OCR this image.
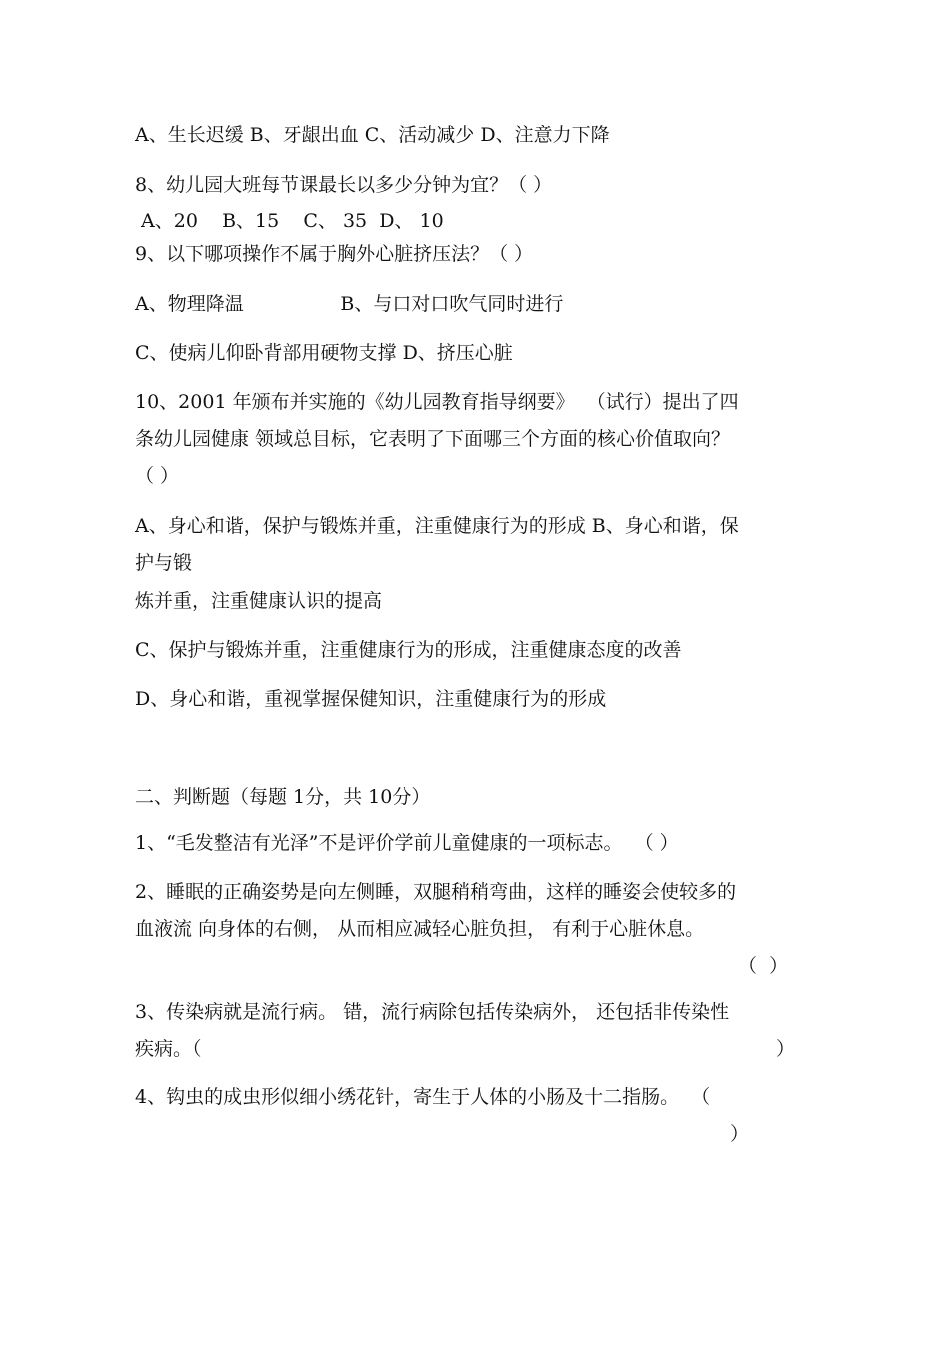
A、生长迟缓 B、牙龈出血 C、活动减少 D、注意力下降
8、幼儿园大班每节课最长以多少分钟为宜？（ ）
A、20    B、15    C、 35  D、 10
9、以下哪项操作不属于胸外心脏挤压法？（ ）
A、物理降温                B、与口对口吹气同时进行
C、使病儿仰卧背部用硬物支撑 D、挤压心脏
10、2001 年颁布并实施的《幼儿园教育指导纲要》  （试行）提出了四
条幼儿园健康 领域总目标，它表明了下面哪三个方面的核心价值取向？
（ ）
A、身心和谐，保护与锻炼并重，注重健康行为的形成 B、身心和谐，保
护与锻
炼并重，注重健康认识的提高
C、保护与锻炼并重，注重健康行为的形成，注重健康态度的改善
D、身心和谐，重视掌握保健知识，注重健康行为的形成
二、判断题（每题 1分，共 10分）
1、“毛发整洁有光泽”不是评价学前儿童健康的一项标志。  （ ）
2、睡眠的正确姿势是向左侧睡，双腿稍稍弯曲，这样的睡姿会使较多的
血液流 向身体的右侧， 从而相应减轻心脏负担， 有利于心脏休息。
（  ）
3、传染病就是流行病。 错，流行病除包括传染病外， 还包括非传染性
疾病。（	）
4、钩虫的成虫形似细小绣花针，寄生于人体的小肠及十二指肠。  （
）
